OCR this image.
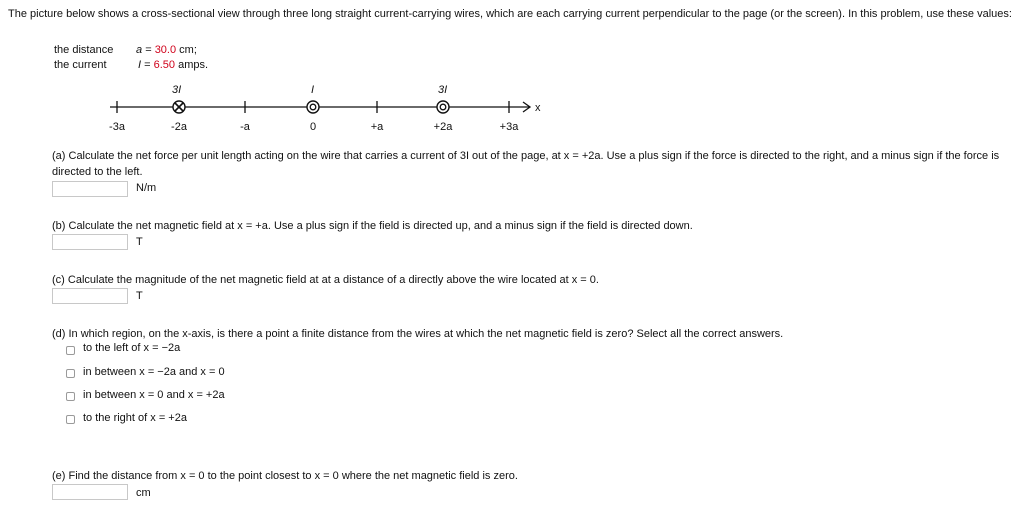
The picture below shows a cross-sectional view through three long straight current-carrying wires, which are each carrying current perpendicular to the page (or the screen). In this problem, use these values:
the distance a = 30.0 cm;
the current	I = 6.50 amps.
x
3I	I	3I
-3a	-2a	-a	0	+a	+2a	+3a
(a) Calculate the net force per unit length acting on the wire that carries a current of 3I out of the page, at x = +2a. Use a plus sign if the force is directed to the right, and a minus sign if the force is directed to the left.
N/m
(b) Calculate the net magnetic field at x = +a. Use a plus sign if the field is directed up, and a minus sign if the field is directed down.
T
(c) Calculate the magnitude of the net magnetic field at at a distance of a directly above the wire located at x = 0.
T
(d) In which region, on the x-axis, is there a point a finite distance from the wires at which the net magnetic field is zero? Select all the correct answers.
to the left of x = −2a
in between x = −2a and x = 0
in between x = 0 and x = +2a
to the right of x = +2a
(e) Find the distance from x = 0 to the point closest to x = 0 where the net magnetic field is zero.
cm
